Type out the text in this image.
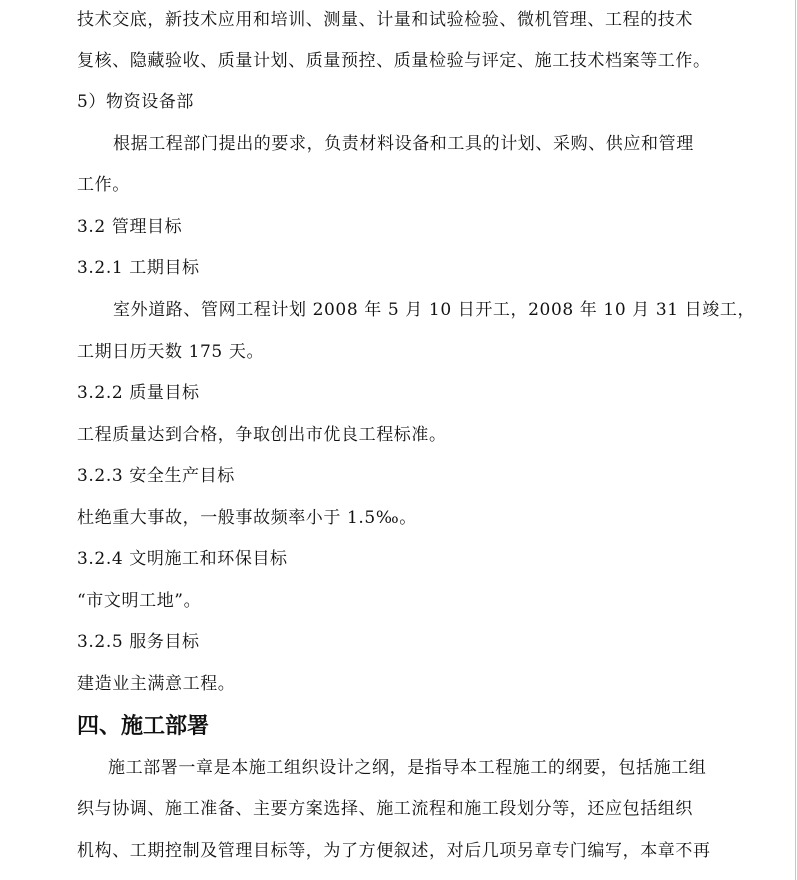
技术交底，新技术应用和培训、测量、计量和试验检验、微机管理、工程的技术
复核、隐藏验收、质量计划、质量预控、质量检验与评定、施工技术档案等工作。
5）物资设备部
根据工程部门提出的要求，负责材料设备和工具的计划、采购、供应和管理
工作。
3.2 管理目标
3.2.1 工期目标
室外道路、管网工程计划 2008 年 5 月 10 日开工，2008 年 10 月 31 日竣工，
工期日历天数 175 天。
3.2.2 质量目标
工程质量达到合格，争取创出市优良工程标准。
3.2.3 安全生产目标
杜绝重大事故，一般事故频率小于 1.5‰。
3.2.4 文明施工和环保目标
“市文明工地”。
3.2.5 服务目标
建造业主满意工程。
四、施工部署
施工部署一章是本施工组织设计之纲，是指导本工程施工的纲要，包括施工组
织与协调、施工准备、主要方案选择、施工流程和施工段划分等，还应包括组织
机构、工期控制及管理目标等，为了方便叙述，对后几项另章专门编写，本章不再
